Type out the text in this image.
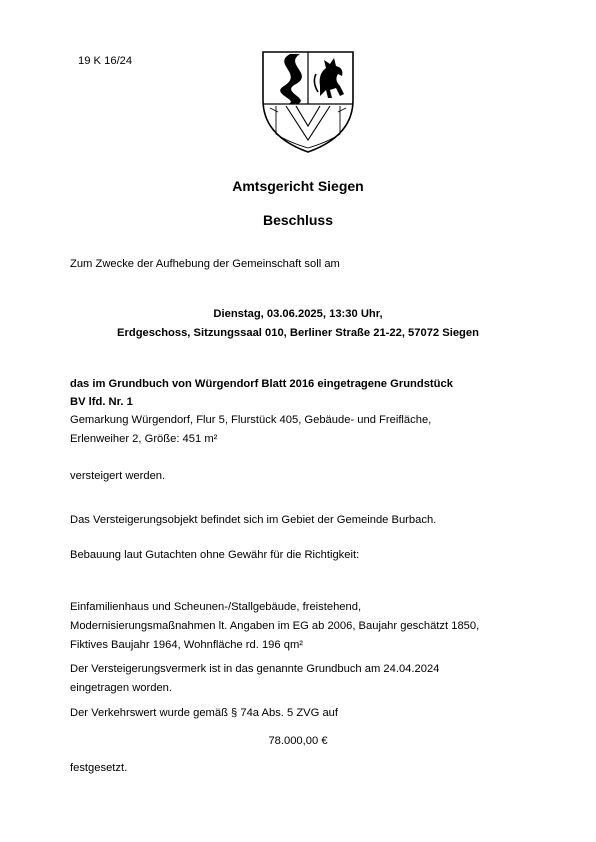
19 K 16/24
Amtsgericht Siegen
Beschluss
Zum Zwecke der Aufhebung der Gemeinschaft soll am
Dienstag, 03.06.2025, 13:30 Uhr,
Erdgeschoss, Sitzungssaal 010, Berliner Straße 21-22, 57072 Siegen
das im Grundbuch von Würgendorf Blatt 2016 eingetragene Grundstück
BV lfd. Nr. 1
Gemarkung Würgendorf, Flur 5, Flurstück 405, Gebäude- und Freifläche,
Erlenweiher 2, Größe: 451 m²
versteigert werden.
Das Versteigerungsobjekt befindet sich im Gebiet der Gemeinde Burbach.
Bebauung laut Gutachten ohne Gewähr für die Richtigkeit:
Einfamilienhaus und Scheunen-/Stallgebäude, freistehend,
Modernisierungsmaßnahmen lt. Angaben im EG ab 2006, Baujahr geschätzt 1850,
Fiktives Baujahr 1964, Wohnfläche rd. 196 qm²
Der Versteigerungsvermerk ist in das genannte Grundbuch am 24.04.2024
eingetragen worden.
Der Verkehrswert wurde gemäß § 74a Abs. 5 ZVG auf
78.000,00 €
festgesetzt.
